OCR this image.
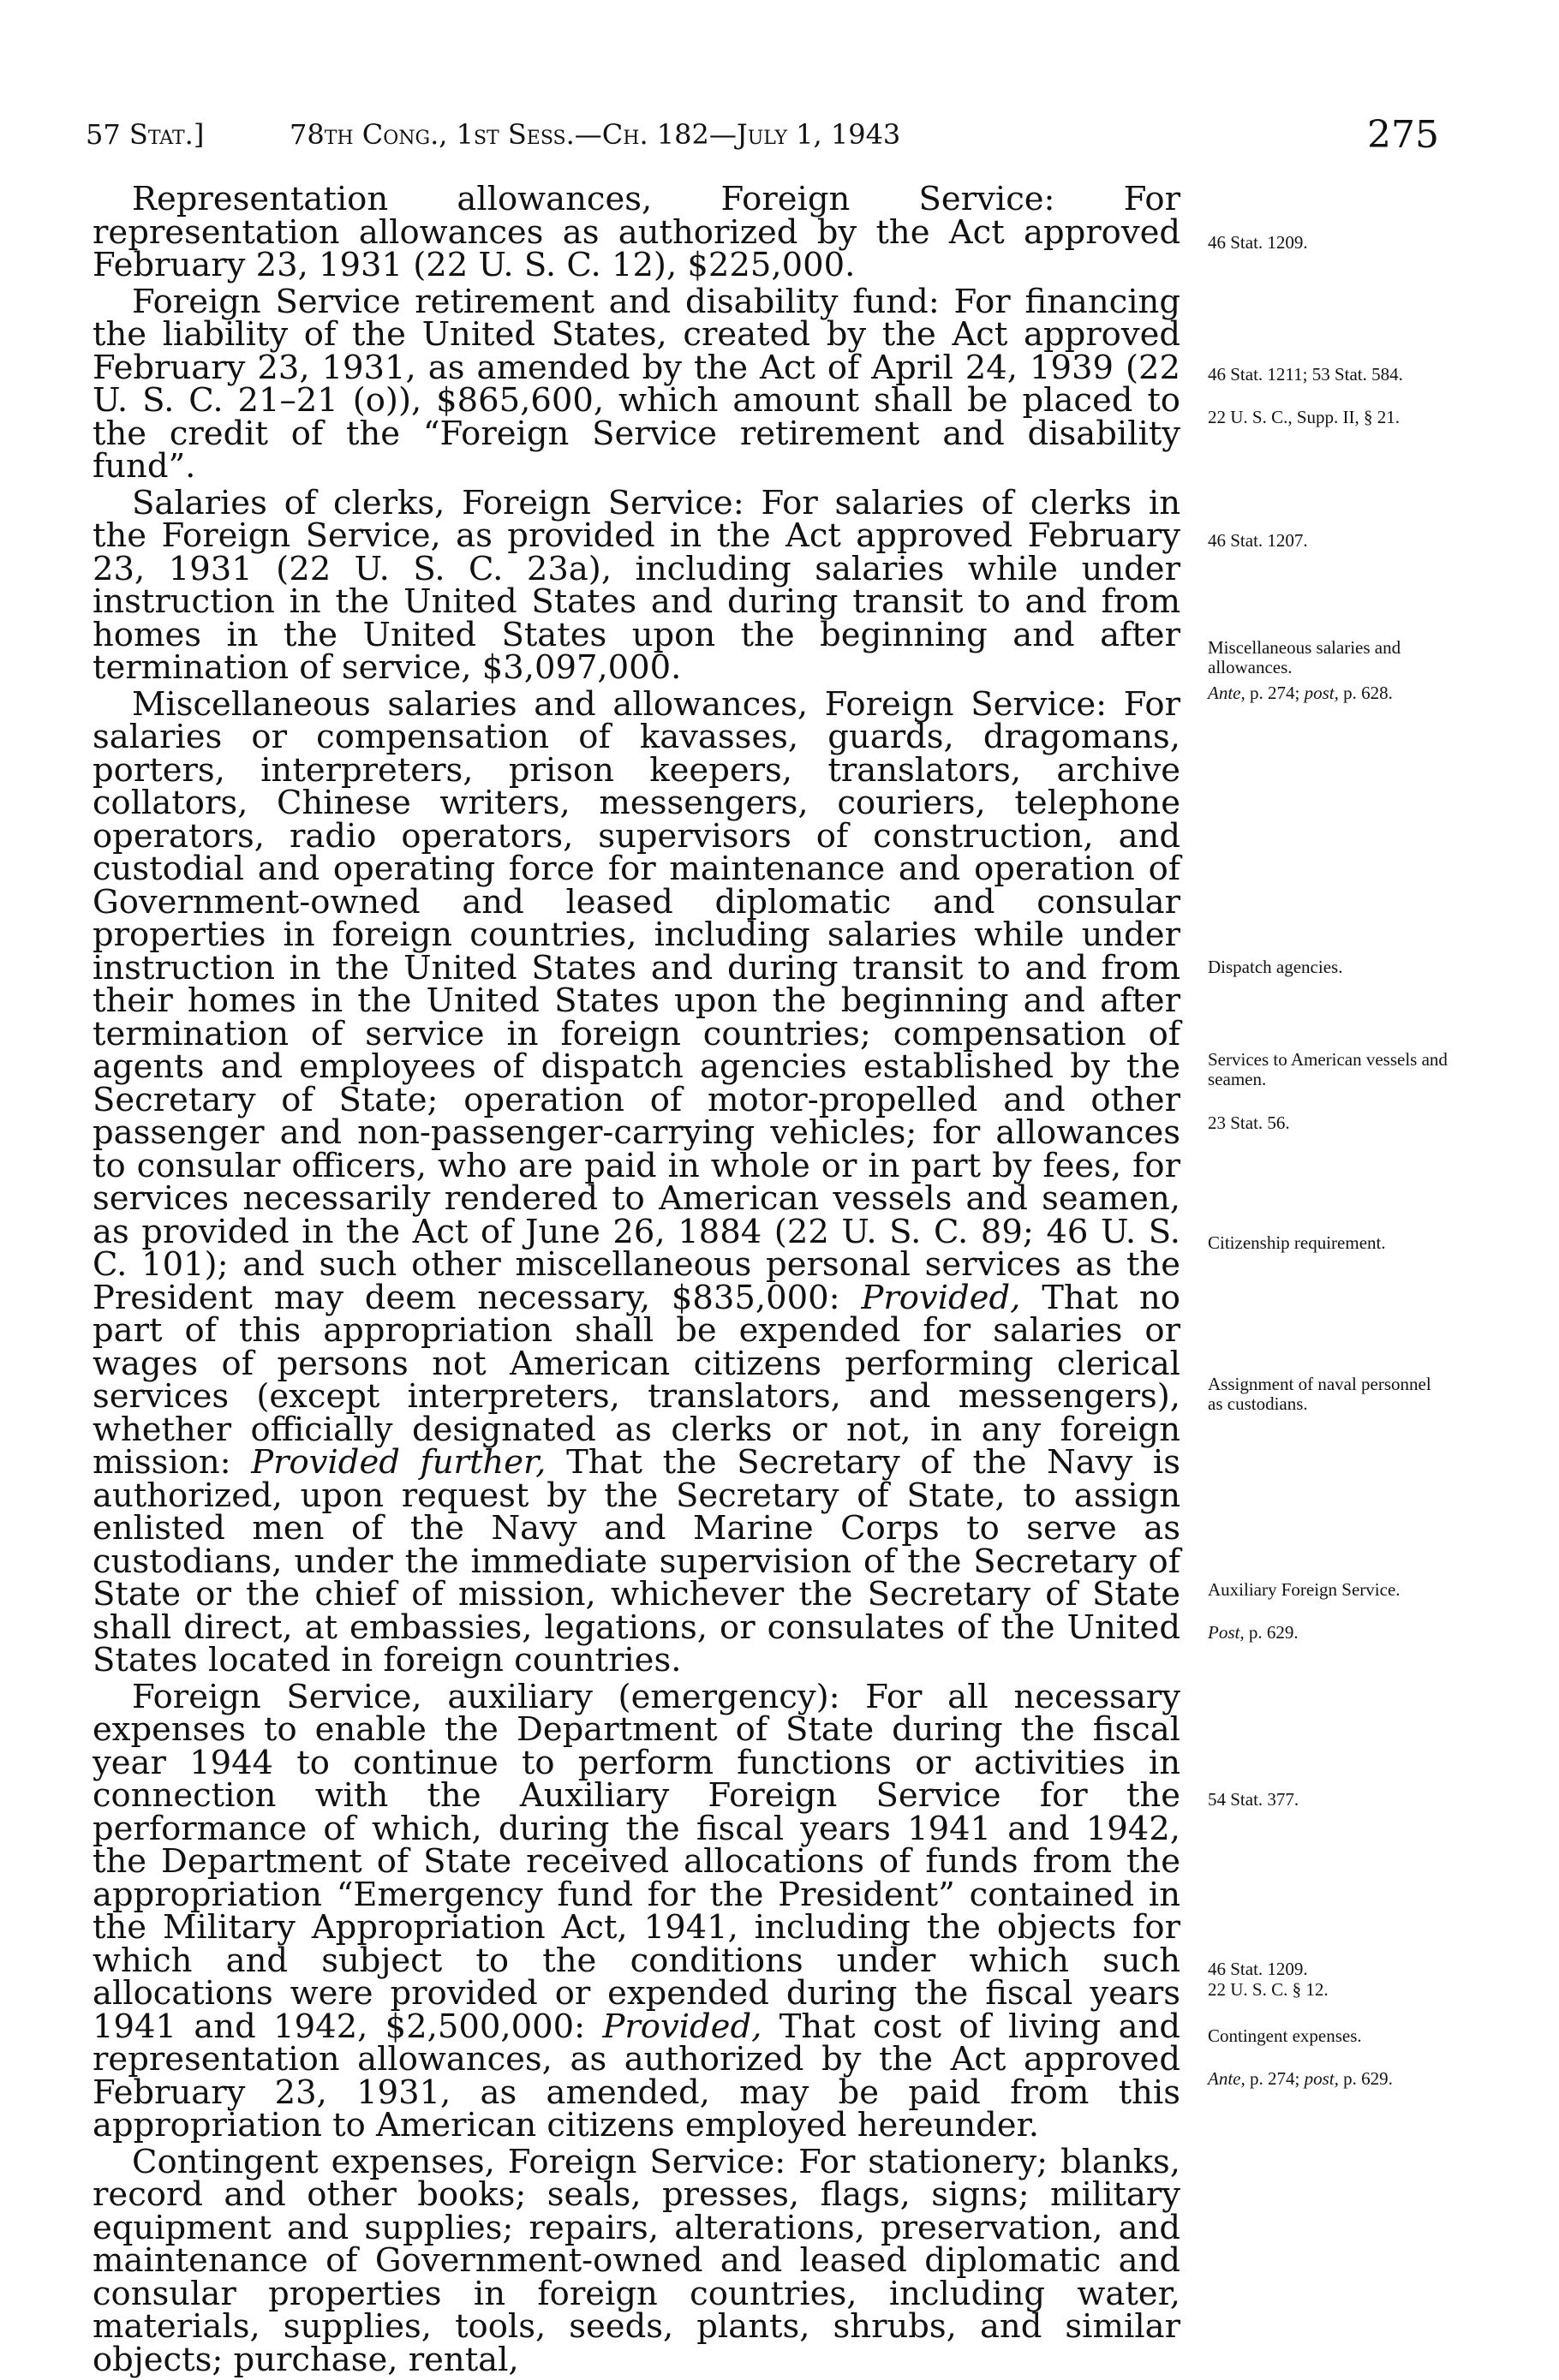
57 Stat.]	78th Cong., 1st Sess.—Ch. 182—July 1, 1943	275

Representation allowances, Foreign Service: For representation allowances as authorized by the Act approved February 23, 1931 (22 U. S. C. 12), $225,000.

Foreign Service retirement and disability fund: For financing the liability of the United States, created by the Act approved February 23, 1931, as amended by the Act of April 24, 1939 (22 U. S. C. 21–21 (o)), $865,600, which amount shall be placed to the credit of the “Foreign Service retirement and disability fund”.

Salaries of clerks, Foreign Service: For salaries of clerks in the Foreign Service, as provided in the Act approved February 23, 1931 (22 U. S. C. 23a), including salaries while under instruction in the United States and during transit to and from homes in the United States upon the beginning and after termination of service, $3,097,000.

Miscellaneous salaries and allowances, Foreign Service: For salaries or compensation of kavasses, guards, dragomans, porters, interpreters, prison keepers, translators, archive collators, Chinese writers, messengers, couriers, telephone operators, radio operators, supervisors of construction, and custodial and operating force for maintenance and operation of Government-owned and leased diplomatic and consular properties in foreign countries, including salaries while under instruction in the United States and during transit to and from their homes in the United States upon the beginning and after termination of service in foreign countries; compensation of agents and employees of dispatch agencies established by the Secretary of State; operation of motor-propelled and other passenger and non-passenger-carrying vehicles; for allowances to consular officers, who are paid in whole or in part by fees, for services necessarily rendered to American vessels and seamen, as provided in the Act of June 26, 1884 (22 U. S. C. 89; 46 U. S. C. 101); and such other miscellaneous personal services as the President may deem necessary, $835,000: Provided, That no part of this appropriation shall be expended for salaries or wages of persons not American citizens performing clerical services (except interpreters, translators, and messengers), whether officially designated as clerks or not, in any foreign mission: Provided further, That the Secretary of the Navy is authorized, upon request by the Secretary of State, to assign enlisted men of the Navy and Marine Corps to serve as custodians, under the immediate supervision of the Secretary of State or the chief of mission, whichever the Secretary of State shall direct, at embassies, legations, or consulates of the United States located in foreign countries.

Foreign Service, auxiliary (emergency): For all necessary expenses to enable the Department of State during the fiscal year 1944 to continue to perform functions or activities in connection with the Auxiliary Foreign Service for the performance of which, during the fiscal years 1941 and 1942, the Department of State received allocations of funds from the appropriation “Emergency fund for the President” contained in the Military Appropriation Act, 1941, including the objects for which and subject to the conditions under which such allocations were provided or expended during the fiscal years 1941 and 1942, $2,500,000: Provided, That cost of living and representation allowances, as authorized by the Act approved February 23, 1931, as amended, may be paid from this appropriation to American citizens employed hereunder.

Contingent expenses, Foreign Service: For stationery; blanks, record and other books; seals, presses, flags, signs; military equipment and supplies; repairs, alterations, preservation, and maintenance of Government-owned and leased diplomatic and consular properties in foreign countries, including water, materials, supplies, tools, seeds, plants, shrubs, and similar objects; purchase, rental,

46 Stat. 1209.
46 Stat. 1211; 53 Stat. 584.
22 U. S. C., Supp. II, § 21.
46 Stat. 1207.
Miscellaneous salaries and allowances.
Ante, p. 274; post, p. 628.
Dispatch agencies.
Services to American vessels and seamen.
23 Stat. 56.
Citizenship requirement.
Assignment of naval personnel as custodians.
Auxiliary Foreign Service.
Post, p. 629.
54 Stat. 377.
46 Stat. 1209.
22 U. S. C. § 12.
Contingent expenses.
Ante, p. 274; post, p. 629.
